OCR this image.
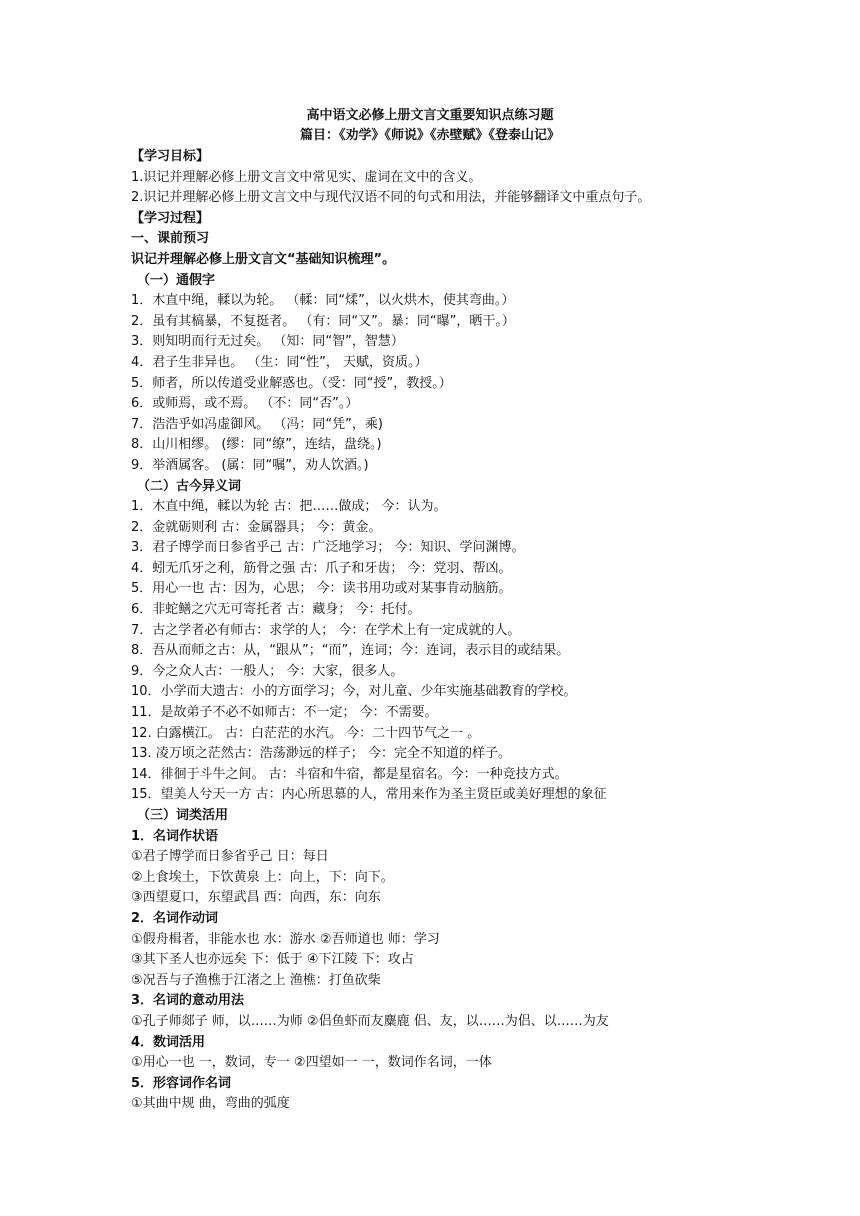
高中语文必修上册文言文重要知识点练习题
篇目：《劝学》《师说》《赤壁赋》《登泰山记》
【学习目标】
1.识记并理解必修上册文言文中常见实、虚词在文中的含义。
2.识记并理解必修上册文言文中与现代汉语不同的句式和用法，并能够翻译文中重点句子。
【学习过程】
一、课前预习
识记并理解必修上册文言文“基础知识梳理”。
（一）通假字
1．木直中绳，輮以为轮。 （輮：同“煣”，以火烘木，使其弯曲。）
2．虽有其槁暴，不复挺者。 （有：同“又”。暴：同“曝”，晒干。）
3．则知明而行无过矣。 （知：同“智”，智慧）
4．君子生非异也。 （生：同“性”， 天赋，资质。）
5．师者，所以传道受业解惑也。（受：同“授”，教授。）
6．或师焉，或不焉。 （不：同“否”。）
7．浩浩乎如冯虚御风。 （冯：同“凭”，乘)
8．山川相缪。 (缪：同“缭”，连结，盘绕。)
9．举酒属客。 (属：同“嘱”，劝人饮酒。)
（二）古今异义词
1．木直中绳，輮以为轮 古：把……做成； 今：认为。
2．金就砺则利 古：金属器具； 今：黄金。
3．君子博学而日参省乎己 古：广泛地学习； 今：知识、学问渊博。
4．蚓无爪牙之利，筋骨之强 古：爪子和牙齿； 今：党羽、帮凶。
5．用心一也 古：因为，心思； 今：读书用功或对某事肯动脑筋。
6．非蛇鳝之穴无可寄托者 古：藏身； 今：托付。
7．古之学者必有师古：求学的人； 今：在学术上有一定成就的人。
8．吾从而师之古：从，“跟从”；“而”，连词；今：连词，表示目的或结果。
9．今之众人古：一般人； 今：大家，很多人。
10．小学而大遗古：小的方面学习；今，对儿童、少年实施基础教育的学校。
11．是故弟子不必不如师古：不一定； 今：不需要。
12. 白露横江。 古：白茫茫的水汽。 今：二十四节气之一 。
13. 凌万顷之茫然古：浩荡渺远的样子； 今：完全不知道的样子。
14．徘徊于斗牛之间。 古：斗宿和牛宿，都是星宿名。今：一种竞技方式。
15．望美人兮天一方 古：内心所思慕的人，常用来作为圣主贤臣或美好理想的象征
（三）词类活用
1．名词作状语
①君子博学而日参省乎己 日：每日
②上食埃土，下饮黄泉 上：向上，下：向下。
③西望夏口，东望武昌 西：向西，东：向东
2．名词作动词
①假舟楫者，非能水也 水：游水 ②吾师道也 师：学习
③其下圣人也亦远矣 下：低于 ④下江陵 下：攻占
⑤况吾与子渔樵于江渚之上 渔樵：打鱼砍柴
3．名词的意动用法
①孔子师郯子 师，以……为师 ②侣鱼虾而友麋鹿 侣、友，以……为侣、以……为友
4．数词活用
①用心一也 一，数词，专一 ②四望如一 一，数词作名词，一体
5．形容词作名词
①其曲中规 曲，弯曲的弧度
